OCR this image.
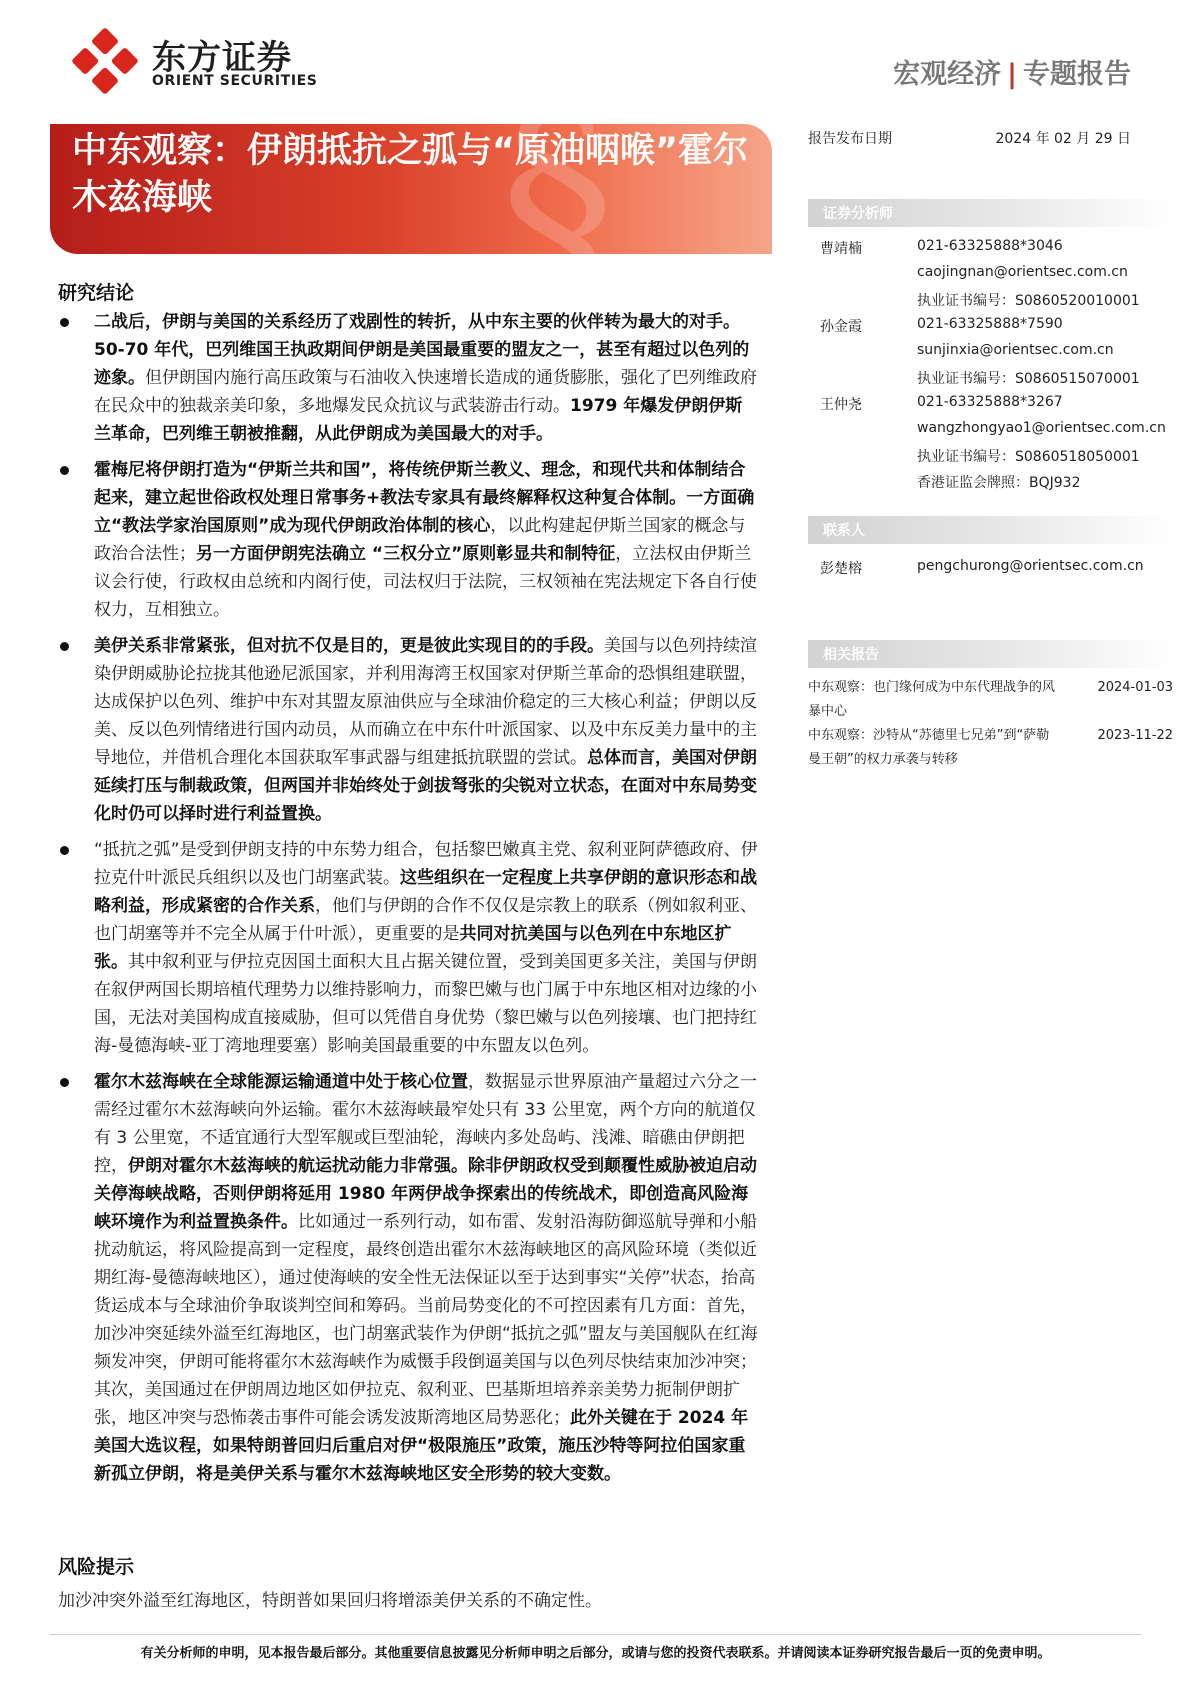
东方证券
ORIENT SECURITIES	宏观经济 | 专题报告
§
中东观察：伊朗抵抗之弧与“原油咽喉”霍尔木兹海峡
报告发布日期	2024 年 02 月 29 日
证券分析师
曹靖楠	021-63325888*3046
caojingnan@orientsec.com.cn
执业证书编号：S0860520010001
孙金霞	021-63325888*7590
sunjinxia@orientsec.com.cn
执业证书编号：S0860515070001
王仲尧	021-63325888*3267
wangzhongyao1@orientsec.com.cn
执业证书编号：S0860518050001
香港证监会牌照：BQJ932
联系人
彭楚榕	pengchurong@orientsec.com.cn
相关报告
中东观察：也门缘何成为中东代理战争的风暴中心
2024-01-03
中东观察：沙特从“苏德里七兄弟”到“萨勒曼王朝”的权力承袭与转移
2023-11-22
研究结论
二战后，伊朗与美国的关系经历了戏剧性的转折，从中东主要的伙伴转为最大的对手。50-70 年代，巴列维国王执政期间伊朗是美国最重要的盟友之一，甚至有超过以色列的迹象。但伊朗国内施行高压政策与石油收入快速增长造成的通货膨胀，强化了巴列维政府在民众中的独裁亲美印象，多地爆发民众抗议与武装游击行动。1979 年爆发伊朗伊斯兰革命，巴列维王朝被推翻，从此伊朗成为美国最大的对手。
霍梅尼将伊朗打造为“伊斯兰共和国”，将传统伊斯兰教义、理念，和现代共和体制结合起来，建立起世俗政权处理日常事务+教法专家具有最终解释权这种复合体制。一方面确立“教法学家治国原则”成为现代伊朗政治体制的核心，以此构建起伊斯兰国家的概念与政治合法性；另一方面伊朗宪法确立 “三权分立”原则彰显共和制特征，立法权由伊斯兰议会行使，行政权由总统和内阁行使，司法权归于法院，三权领袖在宪法规定下各自行使权力，互相独立。
美伊关系非常紧张，但对抗不仅是目的，更是彼此实现目的的手段。美国与以色列持续渲染伊朗威胁论拉拢其他逊尼派国家，并利用海湾王权国家对伊斯兰革命的恐惧组建联盟，达成保护以色列、维护中东对其盟友原油供应与全球油价稳定的三大核心利益；伊朗以反美、反以色列情绪进行国内动员，从而确立在中东什叶派国家、以及中东反美力量中的主导地位，并借机合理化本国获取军事武器与组建抵抗联盟的尝试。总体而言，美国对伊朗延续打压与制裁政策，但两国并非始终处于剑拔弩张的尖锐对立状态，在面对中东局势变化时仍可以择时进行利益置换。
“抵抗之弧”是受到伊朗支持的中东势力组合，包括黎巴嫩真主党、叙利亚阿萨德政府、伊拉克什叶派民兵组织以及也门胡塞武装。这些组织在一定程度上共享伊朗的意识形态和战略利益，形成紧密的合作关系，他们与伊朗的合作不仅仅是宗教上的联系（例如叙利亚、也门胡塞等并不完全从属于什叶派），更重要的是共同对抗美国与以色列在中东地区扩张。其中叙利亚与伊拉克因国土面积大且占据关键位置，受到美国更多关注，美国与伊朗在叙伊两国长期培植代理势力以维持影响力，而黎巴嫩与也门属于中东地区相对边缘的小国，无法对美国构成直接威胁，但可以凭借自身优势（黎巴嫩与以色列接壤、也门把持红海-曼德海峡-亚丁湾地理要塞）影响美国最重要的中东盟友以色列。
霍尔木兹海峡在全球能源运输通道中处于核心位置，数据显示世界原油产量超过六分之一需经过霍尔木兹海峡向外运输。霍尔木兹海峡最窄处只有 33 公里宽，两个方向的航道仅有 3 公里宽，不适宜通行大型军舰或巨型油轮，海峡内多处岛屿、浅滩、暗礁由伊朗把控，伊朗对霍尔木兹海峡的航运扰动能力非常强。除非伊朗政权受到颠覆性威胁被迫启动关停海峡战略，否则伊朗将延用 1980 年两伊战争探索出的传统战术，即创造高风险海峡环境作为利益置换条件。比如通过一系列行动，如布雷、发射沿海防御巡航导弹和小船扰动航运，将风险提高到一定程度，最终创造出霍尔木兹海峡地区的高风险环境（类似近期红海-曼德海峡地区），通过使海峡的安全性无法保证以至于达到事实“关停”状态，抬高货运成本与全球油价争取谈判空间和筹码。当前局势变化的不可控因素有几方面：首先，加沙冲突延续外溢至红海地区，也门胡塞武装作为伊朗“抵抗之弧”盟友与美国舰队在红海频发冲突，伊朗可能将霍尔木兹海峡作为威慑手段倒逼美国与以色列尽快结束加沙冲突；其次，美国通过在伊朗周边地区如伊拉克、叙利亚、巴基斯坦培养亲美势力扼制伊朗扩张，地区冲突与恐怖袭击事件可能会诱发波斯湾地区局势恶化；此外关键在于 2024 年美国大选议程，如果特朗普回归后重启对伊“极限施压”政策，施压沙特等阿拉伯国家重新孤立伊朗，将是美伊关系与霍尔木兹海峡地区安全形势的较大变数。
风险提示
加沙冲突外溢至红海地区，特朗普如果回归将增添美伊关系的不确定性。
有关分析师的申明，见本报告最后部分。其他重要信息披露见分析师申明之后部分，或请与您的投资代表联系。并请阅读本证券研究报告最后一页的免责申明。
